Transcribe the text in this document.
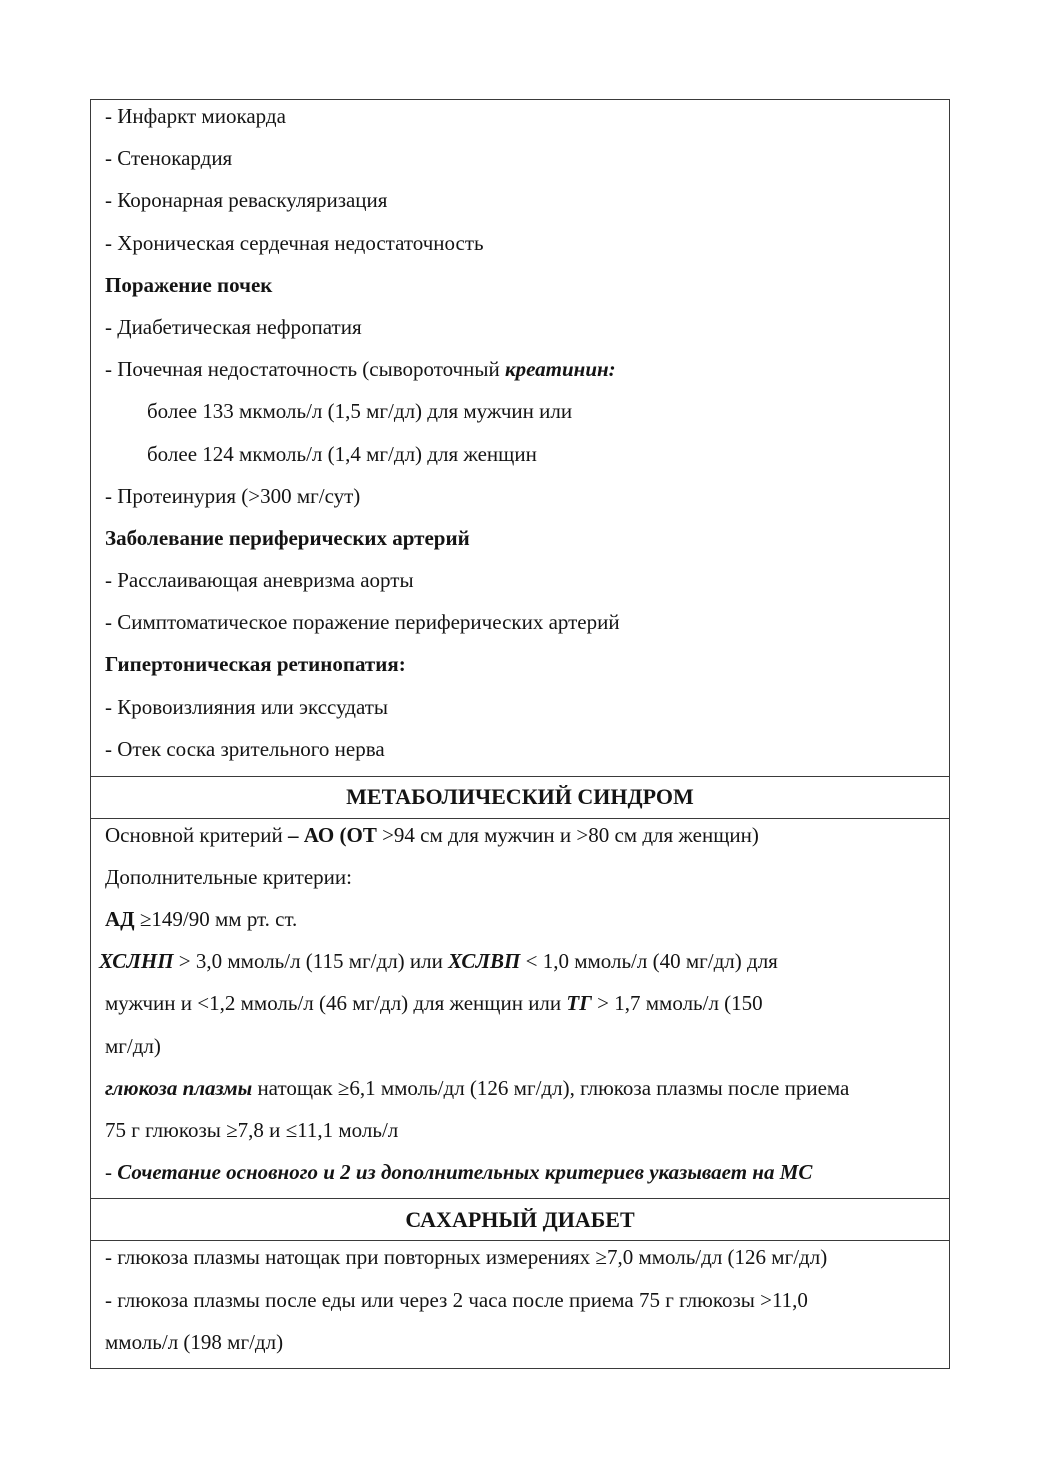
- Инфаркт миокарда
- Стенокардия
- Коронарная реваскуляризация
- Хроническая сердечная недостаточность
Поражение почек
- Диабетическая нефропатия
- Почечная недостаточность (сывороточный креатинин:
более 133 мкмоль/л (1,5 мг/дл) для мужчин или
более 124 мкмоль/л (1,4 мг/дл) для женщин
- Протеинурия (>300 мг/сут)
Заболевание периферических артерий
- Расслаивающая аневризма аорты
- Симптоматическое поражение периферических артерий
Гипертоническая ретинопатия:
- Кровоизлияния или экссудаты
- Отек соска зрительного нерва
МЕТАБОЛИЧЕСКИЙ СИНДРОМ
Основной критерий – АО (ОТ >94 см для мужчин и >80 см для женщин)
Дополнительные критерии:
АД ≥149/90 мм рт. ст.
ХСЛНП > 3,0 ммоль/л (115 мг/дл) или ХСЛВП < 1,0 ммоль/л (40 мг/дл) для
мужчин и <1,2 ммоль/л (46 мг/дл) для женщин или ТГ > 1,7 ммоль/л (150
мг/дл)
глюкоза плазмы натощак ≥6,1 ммоль/дл (126 мг/дл), глюкоза плазмы после приема
75 г глюкозы ≥7,8 и ≤11,1 моль/л
- Сочетание основного и 2 из дополнительных критериев указывает на МС
САХАРНЫЙ ДИАБЕТ
- глюкоза плазмы натощак при повторных измерениях ≥7,0 ммоль/дл (126 мг/дл)
- глюкоза плазмы после еды или через 2 часа после приема 75 г глюкозы >11,0
ммоль/л (198 мг/дл)
